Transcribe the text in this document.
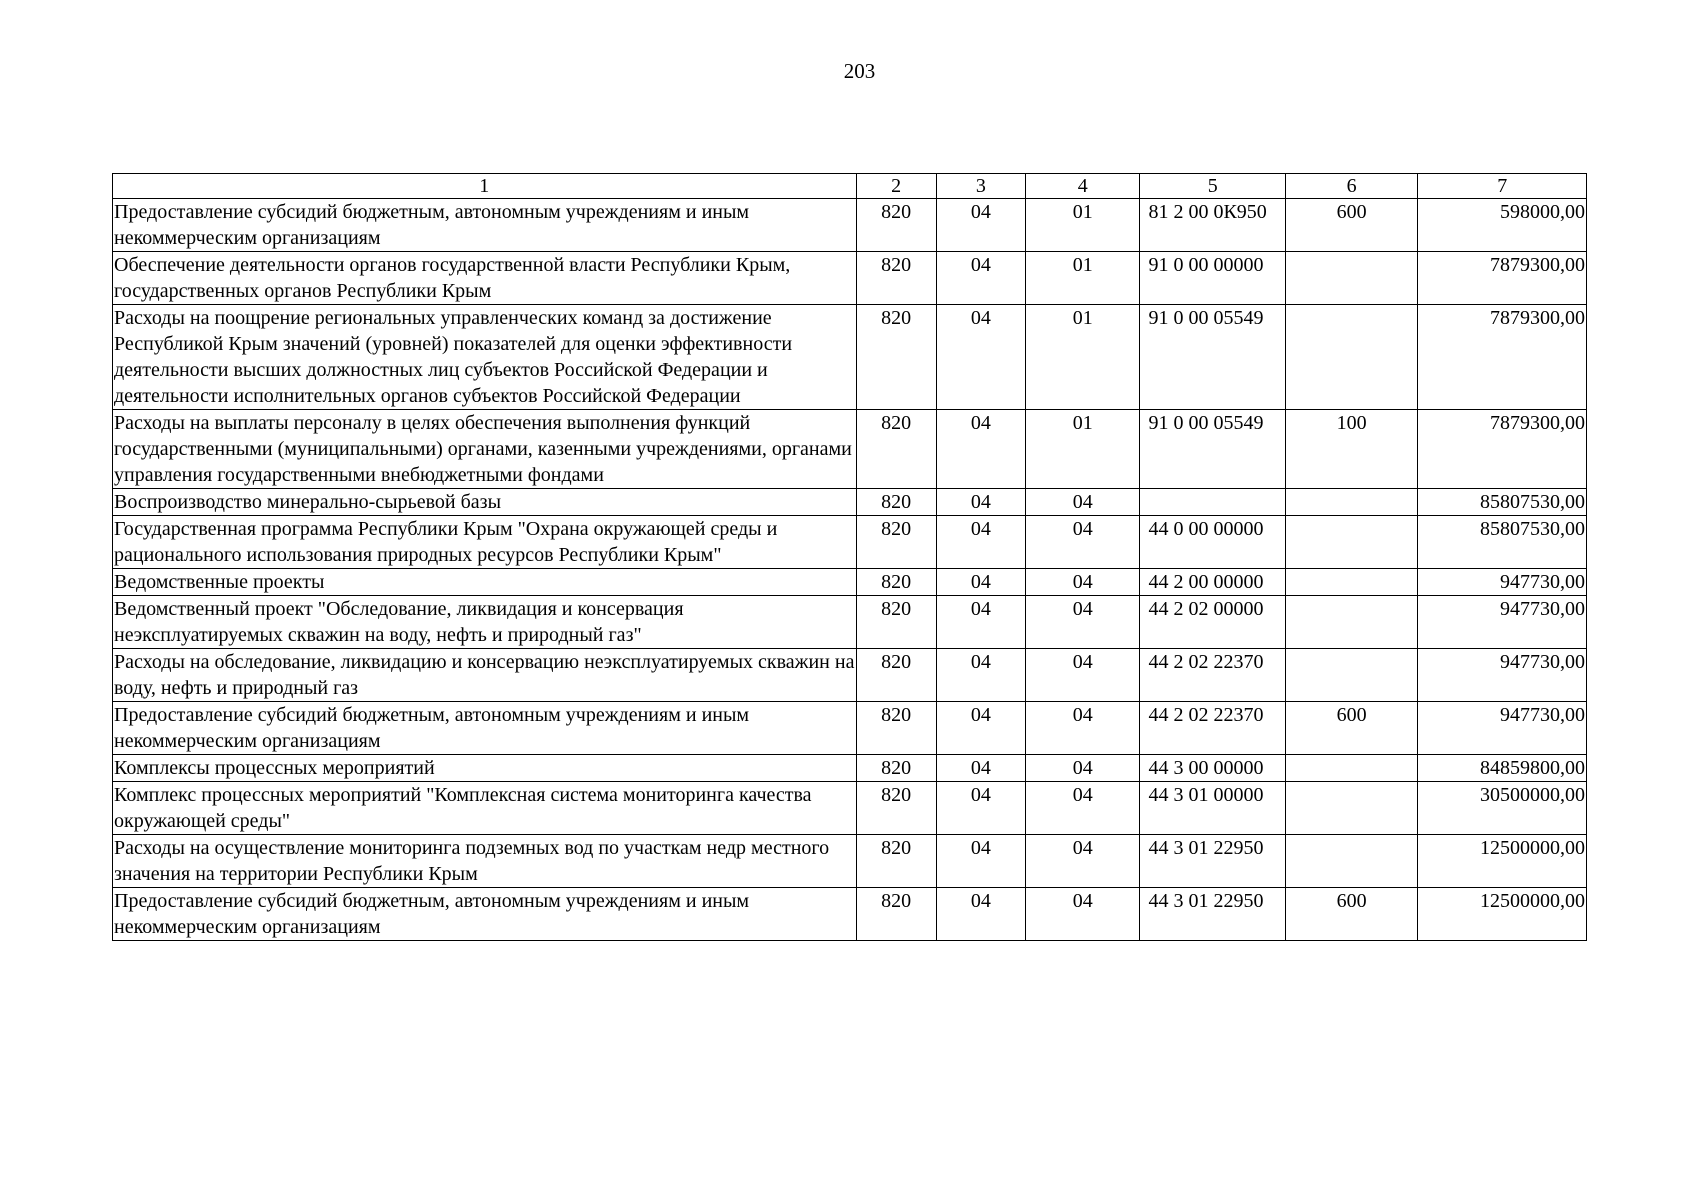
203
1	2	3	4	5	6	7
Предоставление субсидий бюджетным, автономным учреждениям и иным некоммерческим организациям	820	04	01	81 2 00 0К950	600	598000,00
Обеспечение деятельности органов государственной власти Республики Крым, государственных органов Республики Крым	820	04	01	91 0 00 00000		7879300,00
Расходы на поощрение региональных управленческих команд за достижение Республикой Крым значений (уровней) показателей для оценки эффективности деятельности высших должностных лиц субъектов Российской Федерации и деятельности исполнительных органов субъектов Российской Федерации	820	04	01	91 0 00 05549		7879300,00
Расходы на выплаты персоналу в целях обеспечения выполнения функций государственными (муниципальными) органами, казенными учреждениями, органами управления государственными внебюджетными фондами	820	04	01	91 0 00 05549	100	7879300,00
Воспроизводство минерально-сырьевой базы	820	04	04			85807530,00
Государственная программа Республики Крым "Охрана окружающей среды и рационального использования природных ресурсов Республики Крым"	820	04	04	44 0 00 00000		85807530,00
Ведомственные проекты	820	04	04	44 2 00 00000		947730,00
Ведомственный проект "Обследование, ликвидация и консервация неэксплуатируемых скважин на воду, нефть и природный газ"	820	04	04	44 2 02 00000		947730,00
Расходы на обследование, ликвидацию и консервацию неэксплуатируемых скважин на воду, нефть и природный газ	820	04	04	44 2 02 22370		947730,00
Предоставление субсидий бюджетным, автономным учреждениям и иным некоммерческим организациям	820	04	04	44 2 02 22370	600	947730,00
Комплексы процессных мероприятий	820	04	04	44 3 00 00000		84859800,00
Комплекс процессных мероприятий "Комплексная система мониторинга качества окружающей среды"	820	04	04	44 3 01 00000		30500000,00
Расходы на осуществление мониторинга подземных вод по участкам недр местного значения на территории Республики Крым	820	04	04	44 3 01 22950		12500000,00
Предоставление субсидий бюджетным, автономным учреждениям и иным некоммерческим организациям	820	04	04	44 3 01 22950	600	12500000,00
